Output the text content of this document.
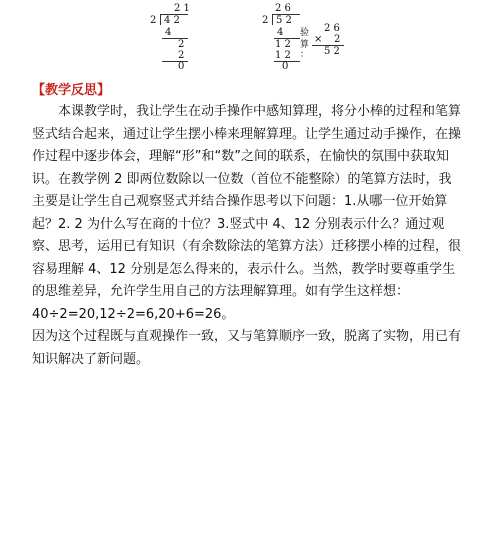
2 1
2 4 2
4
2
2
0
2 6
2 5 2
4
1 2
1 2
0
验
算
：
2 6
× 2
5 2
【教学反思】

本课教学时，我让学生在动手操作中感知算理，将分小棒的过程和笔算竖式结合起来，通过让学生摆小棒来理解算理。让学生通过动手操作，在操作过程中逐步体会，理解“形”和“数”之间的联系，在愉快的氛围中获取知识。在教学例 2 即两位数除以一位数（首位不能整除）的笔算方法时，我主要是让学生自己观察竖式并结合操作思考以下问题：1.从哪一位开始算起？2. 2 为什么写在商的十位？3.竖式中 4、12 分别表示什么？通过观察、思考，运用已有知识（有余数除法的笔算方法）迁移摆小棒的过程，很容易理解 4、12 分别是怎么得来的，表示什么。当然，教学时要尊重学生的思维差异，允许学生用自己的方法理解算理。如有学生这样想：40÷2=20,12÷2=6,20+6=26。

因为这个过程既与直观操作一致，又与笔算顺序一致，脱离了实物，用已有知识解决了新问题。
